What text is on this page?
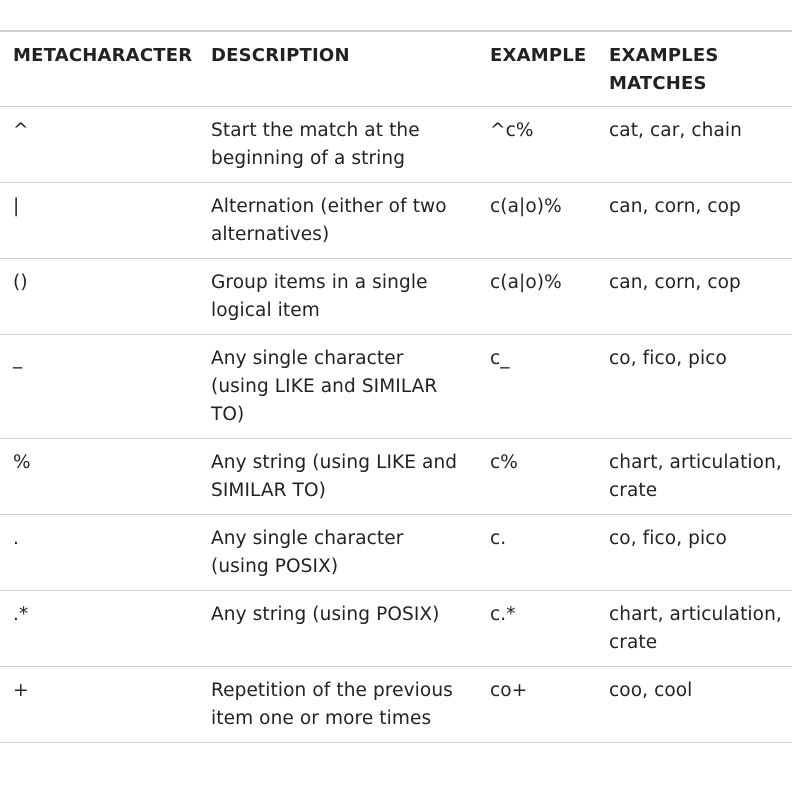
METACHARACTER	DESCRIPTION	EXAMPLE	EXAMPLES MATCHES
^	Start the match at the beginning of a string	^c%	cat, car, chain
|	Alternation (either of two alternatives)	c(a|o)%	can, corn, cop
()	Group items in a single logical item	c(a|o)%	can, corn, cop
_	Any single character (using LIKE and SIMILAR TO)	c_	co, fico, pico
%	Any string (using LIKE and SIMILAR TO)	c%	chart, articulation, crate
.	Any single character (using POSIX)	c.	co, fico, pico
.*	Any string (using POSIX)	c.*	chart, articulation, crate
+	Repetition of the previous item one or more times	co+	coo, cool
